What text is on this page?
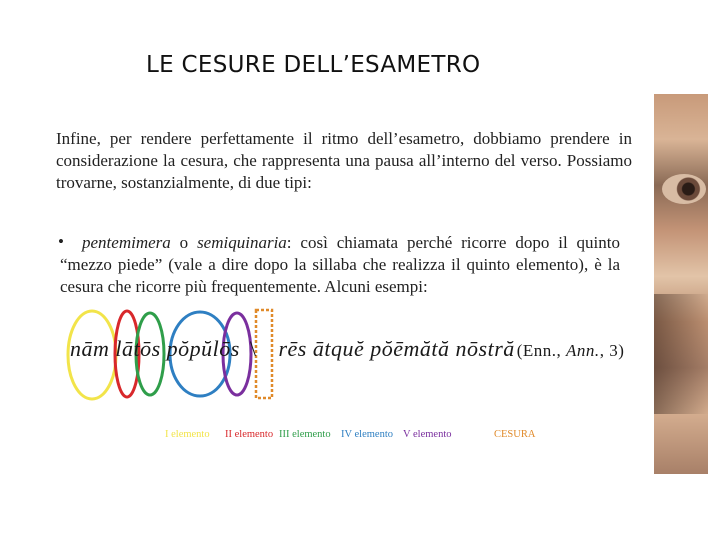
LE CESURE DELL’ESAMETRO
Infine, per rendere perfettamente il ritmo dell’esametro, dobbiamo prendere in considerazione la cesura, che rappresenta una pausa all’interno del verso. Possiamo trovarne, sostanzialmente, di due tipi:
•	pentemimera o semiquinaria: così chiamata perché ricorre dopo il quinto “mezzo piede” (vale a dire dopo la sillaba che realizza il quinto elemento), è la cesura che ricorre più frequentemente. Alcuni esempi:
nām lātōs pŏpŭlōs \ rēs ātquĕ pŏēmătă nōstră (Enn., Ann., 3)
I elemento II elemento III elemento IV elemento V elemento	CESURA
